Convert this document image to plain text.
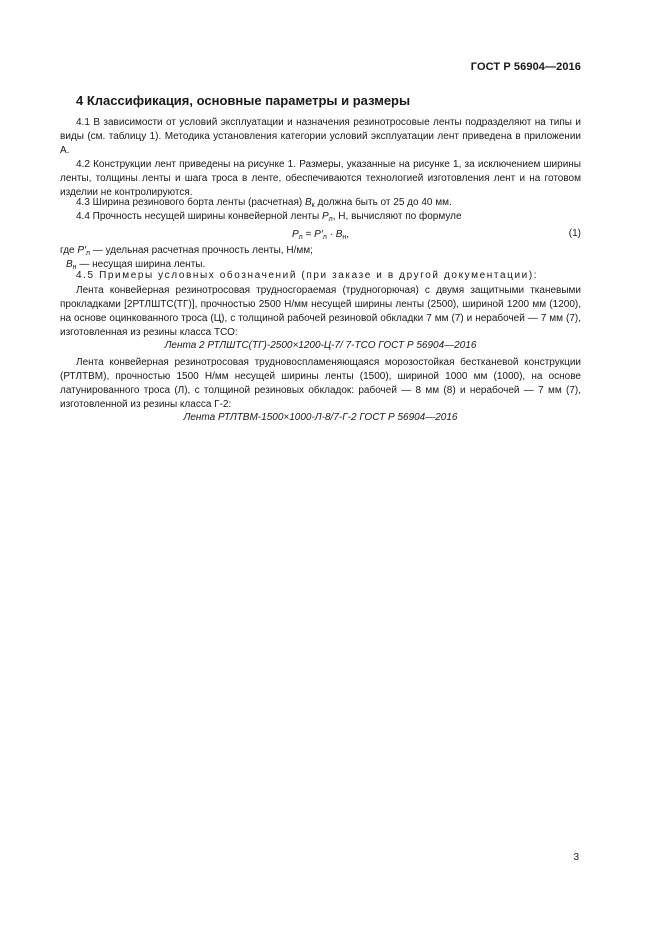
ГОСТ Р 56904—2016
4 Классификация, основные параметры и размеры

4.1 В зависимости от условий эксплуатации и назначения резинотросовые ленты подразделяют на типы и виды (см. таблицу 1). Методика установления категории условий эксплуатации лент приведена в приложении А.

4.2 Конструкции лент приведены на рисунке 1. Размеры, указанные на рисунке 1, за исключением ширины ленты, толщины ленты и шага троса в ленте, обеспечиваются технологией изготовления лент и на готовом изделии не контролируются.

4.3 Ширина резинового борта ленты (расчетная) $B_к$ должна быть от 25 до 40 мм.

4.4 Прочность несущей ширины конвейерной ленты $P_л$, Н, вычисляют по формуле

$P_л = P'_л \cdot B_н$,	(1)

где $P'_л$ — удельная расчетная прочность ленты, Н/мм;

$B_н$ — несущая ширина ленты.

4.5 Примеры условных обозначений (при заказе и в другой документации):

Лента конвейерная резинотросовая трудносгораемая (трудногорючая) с двумя защитными тканевыми прокладками [2РТЛШТС(ТГ)], прочностью 2500 Н/мм несущей ширины ленты (2500), шириной 1200 мм (1200), на основе оцинкованного троса (Ц), с толщиной рабочей резиновой обкладки 7 мм (7) и нерабочей — 7 мм (7), изготовленная из резины класса ТСО:

Лента 2 РТЛШТС(ТГ)-2500×1200-Ц-7/ 7-ТСО ГОСТ Р 56904—2016

Лента конвейерная резинотросовая трудновоспламеняющаяся морозостойкая бестканевой конструкции (РТЛТВМ), прочностью 1500 Н/мм несущей ширины ленты (1500), шириной 1000 мм (1000), на основе латунированного троса (Л), с толщиной резиновых обкладок: рабочей — 8 мм (8) и нерабочей — 7 мм (7), изготовленной из резины класса Г-2:

Лента РТЛТВМ-1500×1000-Л-8/7-Г-2 ГОСТ Р 56904—2016
3
